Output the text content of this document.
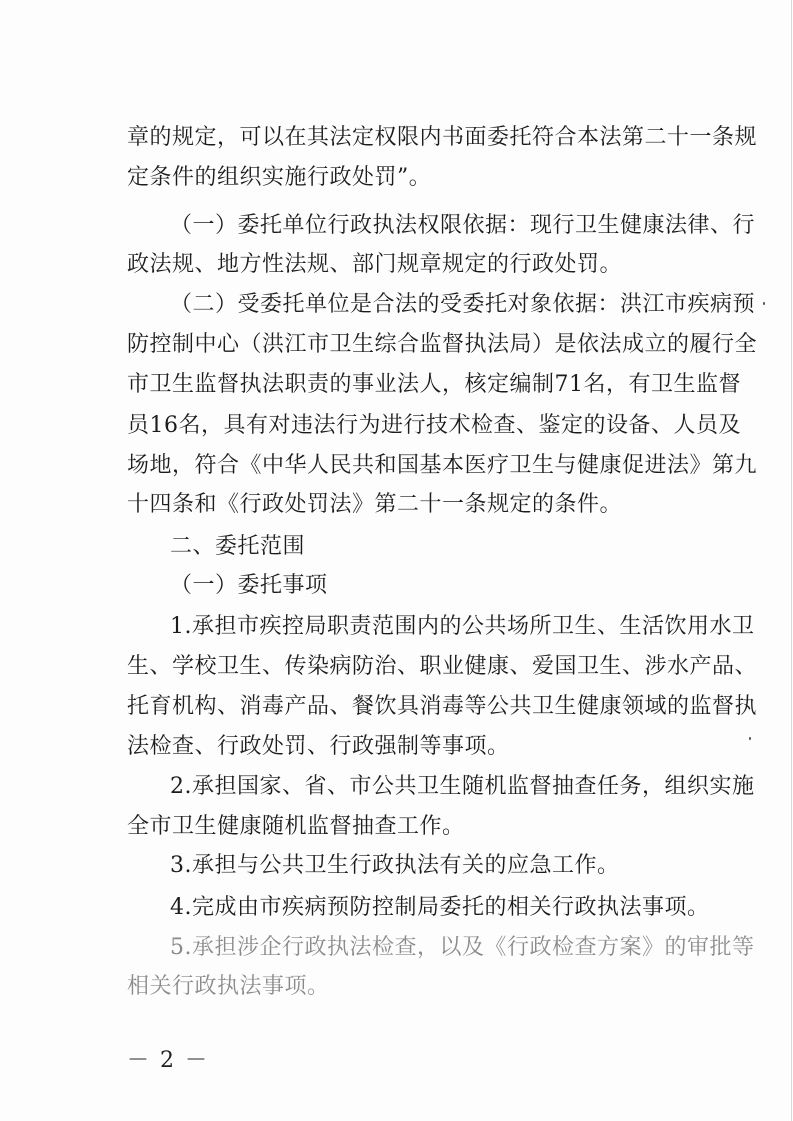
章的规定，可以在其法定权限内书面委托符合本法第二十一条规
定条件的组织实施行政处罚”。
（一）委托单位行政执法权限依据：现行卫生健康法律、行
政法规、地方性法规、部门规章规定的行政处罚。
（二）受委托单位是合法的受委托对象依据：洪江市疾病预
防控制中心（洪江市卫生综合监督执法局）是依法成立的履行全
市卫生监督执法职责的事业法人，核定编制71名，有卫生监督
员16名，具有对违法行为进行技术检查、鉴定的设备、人员及
场地，符合《中华人民共和国基本医疗卫生与健康促进法》第九
十四条和《行政处罚法》第二十一条规定的条件。
二、委托范围
（一）委托事项
1.承担市疾控局职责范围内的公共场所卫生、生活饮用水卫
生、学校卫生、传染病防治、职业健康、爱国卫生、涉水产品、
托育机构、消毒产品、餐饮具消毒等公共卫生健康领域的监督执
法检查、行政处罚、行政强制等事项。
2.承担国家、省、市公共卫生随机监督抽查任务，组织实施
全市卫生健康随机监督抽查工作。
3.承担与公共卫生行政执法有关的应急工作。
4.完成由市疾病预防控制局委托的相关行政执法事项。
5.承担涉企行政执法检查，以及《行政检查方案》的审批等
相关行政执法事项。
－ 2 －
